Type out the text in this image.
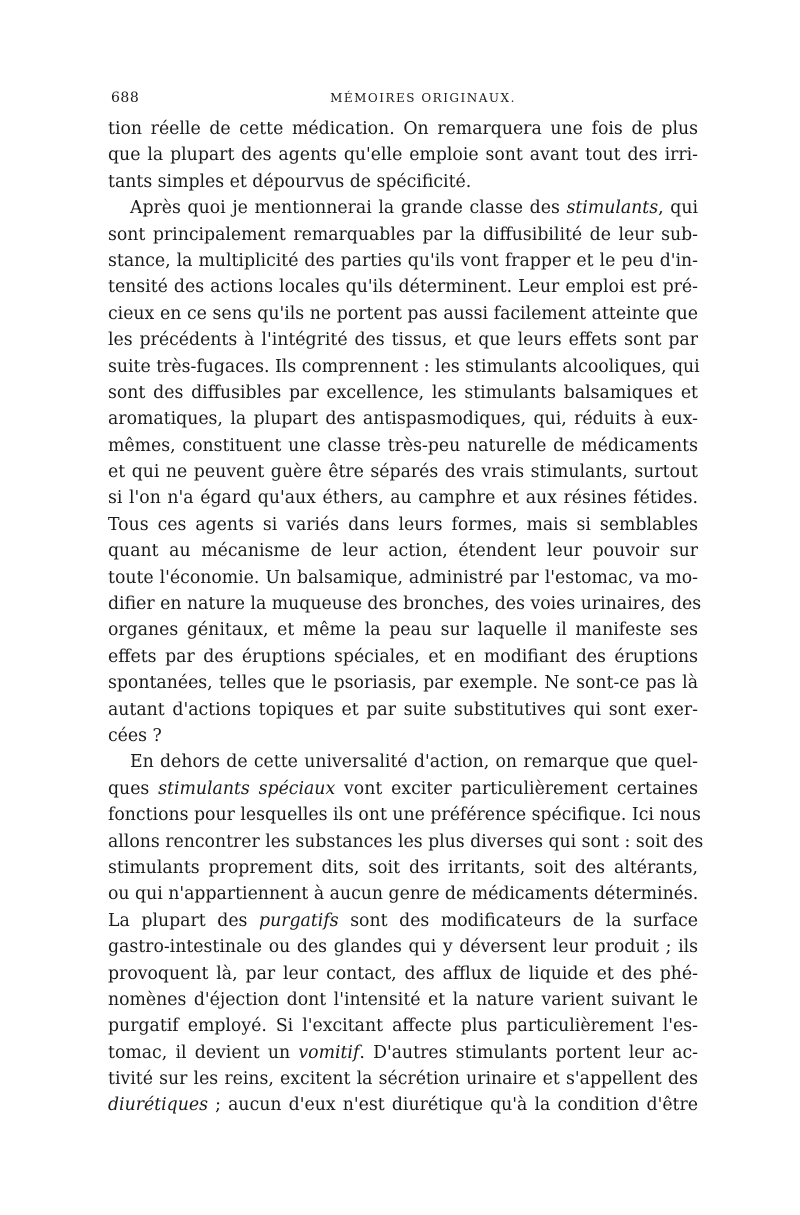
688	MÉMOIRES ORIGINAUX.
tion réelle de cette médication. On remarquera une fois de plus
que la plupart des agents qu'elle emploie sont avant tout des irri-
tants simples et dépourvus de spécificité.
Après quoi je mentionnerai la grande classe des stimulants, qui
sont principalement remarquables par la diffusibilité de leur sub-
stance, la multiplicité des parties qu'ils vont frapper et le peu d'in-
tensité des actions locales qu'ils déterminent. Leur emploi est pré-
cieux en ce sens qu'ils ne portent pas aussi facilement atteinte que
les précédents à l'intégrité des tissus, et que leurs effets sont par
suite très-fugaces. Ils comprennent : les stimulants alcooliques, qui
sont des diffusibles par excellence, les stimulants balsamiques et
aromatiques, la plupart des antispasmodiques, qui, réduits à eux-
mêmes, constituent une classe très-peu naturelle de médicaments
et qui ne peuvent guère être séparés des vrais stimulants, surtout
si l'on n'a égard qu'aux éthers, au camphre et aux résines fétides.
Tous ces agents si variés dans leurs formes, mais si semblables
quant au mécanisme de leur action, étendent leur pouvoir sur
toute l'économie. Un balsamique, administré par l'estomac, va mo-
difier en nature la muqueuse des bronches, des voies urinaires, des
organes génitaux, et même la peau sur laquelle il manifeste ses
effets par des éruptions spéciales, et en modifiant des éruptions
spontanées, telles que le psoriasis, par exemple. Ne sont-ce pas là
autant d'actions topiques et par suite substitutives qui sont exer-
cées ?
En dehors de cette universalité d'action, on remarque que quel-
ques stimulants spéciaux vont exciter particulièrement certaines
fonctions pour lesquelles ils ont une préférence spécifique. Ici nous
allons rencontrer les substances les plus diverses qui sont : soit des
stimulants proprement dits, soit des irritants, soit des altérants,
ou qui n'appartiennent à aucun genre de médicaments déterminés.
La plupart des purgatifs sont des modificateurs de la surface
gastro-intestinale ou des glandes qui y déversent leur produit ; ils
provoquent là, par leur contact, des afflux de liquide et des phé-
nomènes d'éjection dont l'intensité et la nature varient suivant le
purgatif employé. Si l'excitant affecte plus particulièrement l'es-
tomac, il devient un vomitif. D'autres stimulants portent leur ac-
tivité sur les reins, excitent la sécrétion urinaire et s'appellent des
diurétiques ; aucun d'eux n'est diurétique qu'à la condition d'être
